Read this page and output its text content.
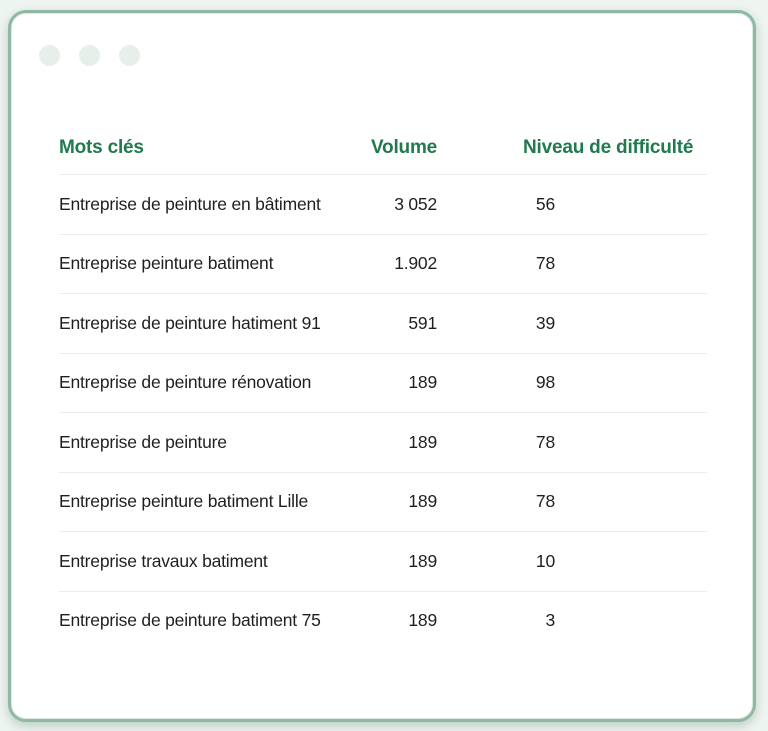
Mots clés	Volume	Niveau de difficulté
Entreprise de peinture en bâtiment	3 052	56
Entreprise peinture batiment	1.902	78
Entreprise de peinture hatiment 91	591	39
Entreprise de peinture rénovation	189	98
Entreprise de peinture	189	78
Entreprise peinture batiment Lille	189	78
Entreprise travaux batiment	189	10
Entreprise de peinture batiment 75	189	3
